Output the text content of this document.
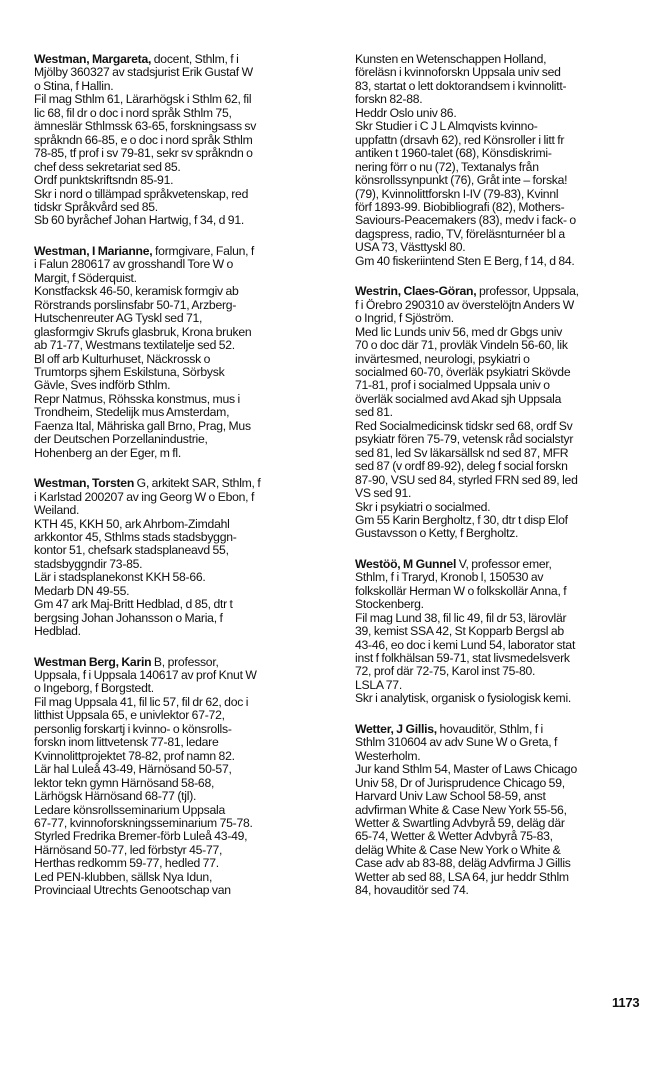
Westman, Margareta, docent, Sthlm, f i
Mjölby 360327 av stadsjurist Erik Gustaf W
o Stina, f Hallin.
Fil mag Sthlm 61, Lärarhögsk i Sthlm 62, fil
lic 68, fil dr o doc i nord språk Sthlm 75,
ämneslär Sthlmssk 63-65, forskningsass sv
språkndn 66-85, e o doc i nord språk Sthlm
78-85, tf prof i sv 79-81, sekr sv språkndn o
chef dess sekretariat sed 85.
Ordf punktskriftsndn 85-91.
Skr i nord o tillämpad språkvetenskap, red
tidskr Språkvård sed 85.
Sb 60 byråchef Johan Hartwig, f 34, d 91.
Westman, I Marianne, formgivare, Falun, f
i Falun 280617 av grosshandl Tore W o
Margit, f Söderquist.
Konstfacksk 46-50, keramisk formgiv ab
Rörstrands porslinsfabr 50-71, Arzberg-
Hutschenreuter AG Tyskl sed 71,
glasformgiv Skrufs glasbruk, Krona bruken
ab 71-77, Westmans textilatelje sed 52.
Bl off arb Kulturhuset, Näckrossk o
Trumtorps sjhem Eskilstuna, Sörbysk
Gävle, Sves indförb Sthlm.
Repr Natmus, Röhsska konstmus, mus i
Trondheim, Stedelijk mus Amsterdam,
Faenza Ital, Mähriska gall Brno, Prag, Mus
der Deutschen Porzellanindustrie,
Hohenberg an der Eger, m fl.
Westman, Torsten G, arkitekt SAR, Sthlm, f
i Karlstad 200207 av ing Georg W o Ebon, f
Weiland.
KTH 45, KKH 50, ark Ahrbom-Zimdahl
arkkontor 45, Sthlms stads stadsbyggn-
kontor 51, chefsark stadsplaneavd 55,
stadsbyggndir 73-85.
Lär i stadsplanekonst KKH 58-66.
Medarb DN 49-55.
Gm 47 ark Maj-Britt Hedblad, d 85, dtr t
bergsing Johan Johansson o Maria, f
Hedblad.
Westman Berg, Karin B, professor,
Uppsala, f i Uppsala 140617 av prof Knut W
o Ingeborg, f Borgstedt.
Fil mag Uppsala 41, fil lic 57, fil dr 62, doc i
litthist Uppsala 65, e univlektor 67-72,
personlig forskartj i kvinno- o könsrolls-
forskn inom littvetensk 77-81, ledare
Kvinnolittprojektet 78-82, prof namn 82.
Lär hal Luleå 43-49, Härnösand 50-57,
lektor tekn gymn Härnösand 58-68,
Lärhögsk Härnösand 68-77 (tjl).
Ledare könsrollsseminarium Uppsala
67-77, kvinnoforskningsseminarium 75-78.
Styrled Fredrika Bremer-förb Luleå 43-49,
Härnösand 50-77, led förbstyr 45-77,
Herthas redkomm 59-77, hedled 77.
Led PEN-klubben, sällsk Nya Idun,
Provinciaal Utrechts Genootschap van
Kunsten en Wetenschappen Holland,
föreläsn i kvinnoforskn Uppsala univ sed
83, startat o lett doktorandsem i kvinnolitt-
forskn 82-88.
Heddr Oslo univ 86.
Skr Studier i C J L Almqvists kvinno-
uppfattn (drsavh 62), red Könsroller i litt fr
antiken t 1960-talet (68), Könsdiskrimi-
nering förr o nu (72), Textanalys från
könsrollssynpunkt (76), Gråt inte – forska!
(79), Kvinnolittforskn I-IV (79-83), Kvinnl
förf 1893-99. Biobibliografi (82), Mothers-
Saviours-Peacemakers (83), medv i fack- o
dagspress, radio, TV, föreläsnturnéer bl a
USA 73, Västtyskl 80.
Gm 40 fiskeriintend Sten E Berg, f 14, d 84.
Westrin, Claes-Göran, professor, Uppsala,
f i Örebro 290310 av överstelöjtn Anders W
o Ingrid, f Sjöström.
Med lic Lunds univ 56, med dr Gbgs univ
70 o doc där 71, provläk Vindeln 56-60, lik
invärtesmed, neurologi, psykiatri o
socialmed 60-70, överläk psykiatri Skövde
71-81, prof i socialmed Uppsala univ o
överläk socialmed avd Akad sjh Uppsala
sed 81.
Red Socialmedicinsk tidskr sed 68, ordf Sv
psykiatr fören 75-79, vetensk råd socialstyr
sed 81, led Sv läkarsällsk nd sed 87, MFR
sed 87 (v ordf 89-92), deleg f social forskn
87-90, VSU sed 84, styrled FRN sed 89, led
VS sed 91.
Skr i psykiatri o socialmed.
Gm 55 Karin Bergholtz, f 30, dtr t disp Elof
Gustavsson o Ketty, f Bergholtz.
Westöö, M Gunnel V, professor emer,
Sthlm, f i Traryd, Kronob l, 150530 av
folkskollär Herman W o folkskollär Anna, f
Stockenberg.
Fil mag Lund 38, fil lic 49, fil dr 53, lärovlär
39, kemist SSA 42, St Kopparb Bergsl ab
43-46, eo doc i kemi Lund 54, laborator stat
inst f folkhälsan 59-71, stat livsmedelsverk
72, prof där 72-75, Karol inst 75-80.
LSLA 77.
Skr i analytisk, organisk o fysiologisk kemi.
Wetter, J Gillis, hovauditör, Sthlm, f i
Sthlm 310604 av adv Sune W o Greta, f
Westerholm.
Jur kand Sthlm 54, Master of Laws Chicago
Univ 58, Dr of Jurisprudence Chicago 59,
Harvard Univ Law School 58-59, anst
advfirman White & Case New York 55-56,
Wetter & Swartling Advbyrå 59, deläg där
65-74, Wetter & Wetter Advbyrå 75-83,
deläg White & Case New York o White &
Case adv ab 83-88, deläg Advfirma J Gillis
Wetter ab sed 88, LSA 64, jur heddr Sthlm
84, hovauditör sed 74.
1173
